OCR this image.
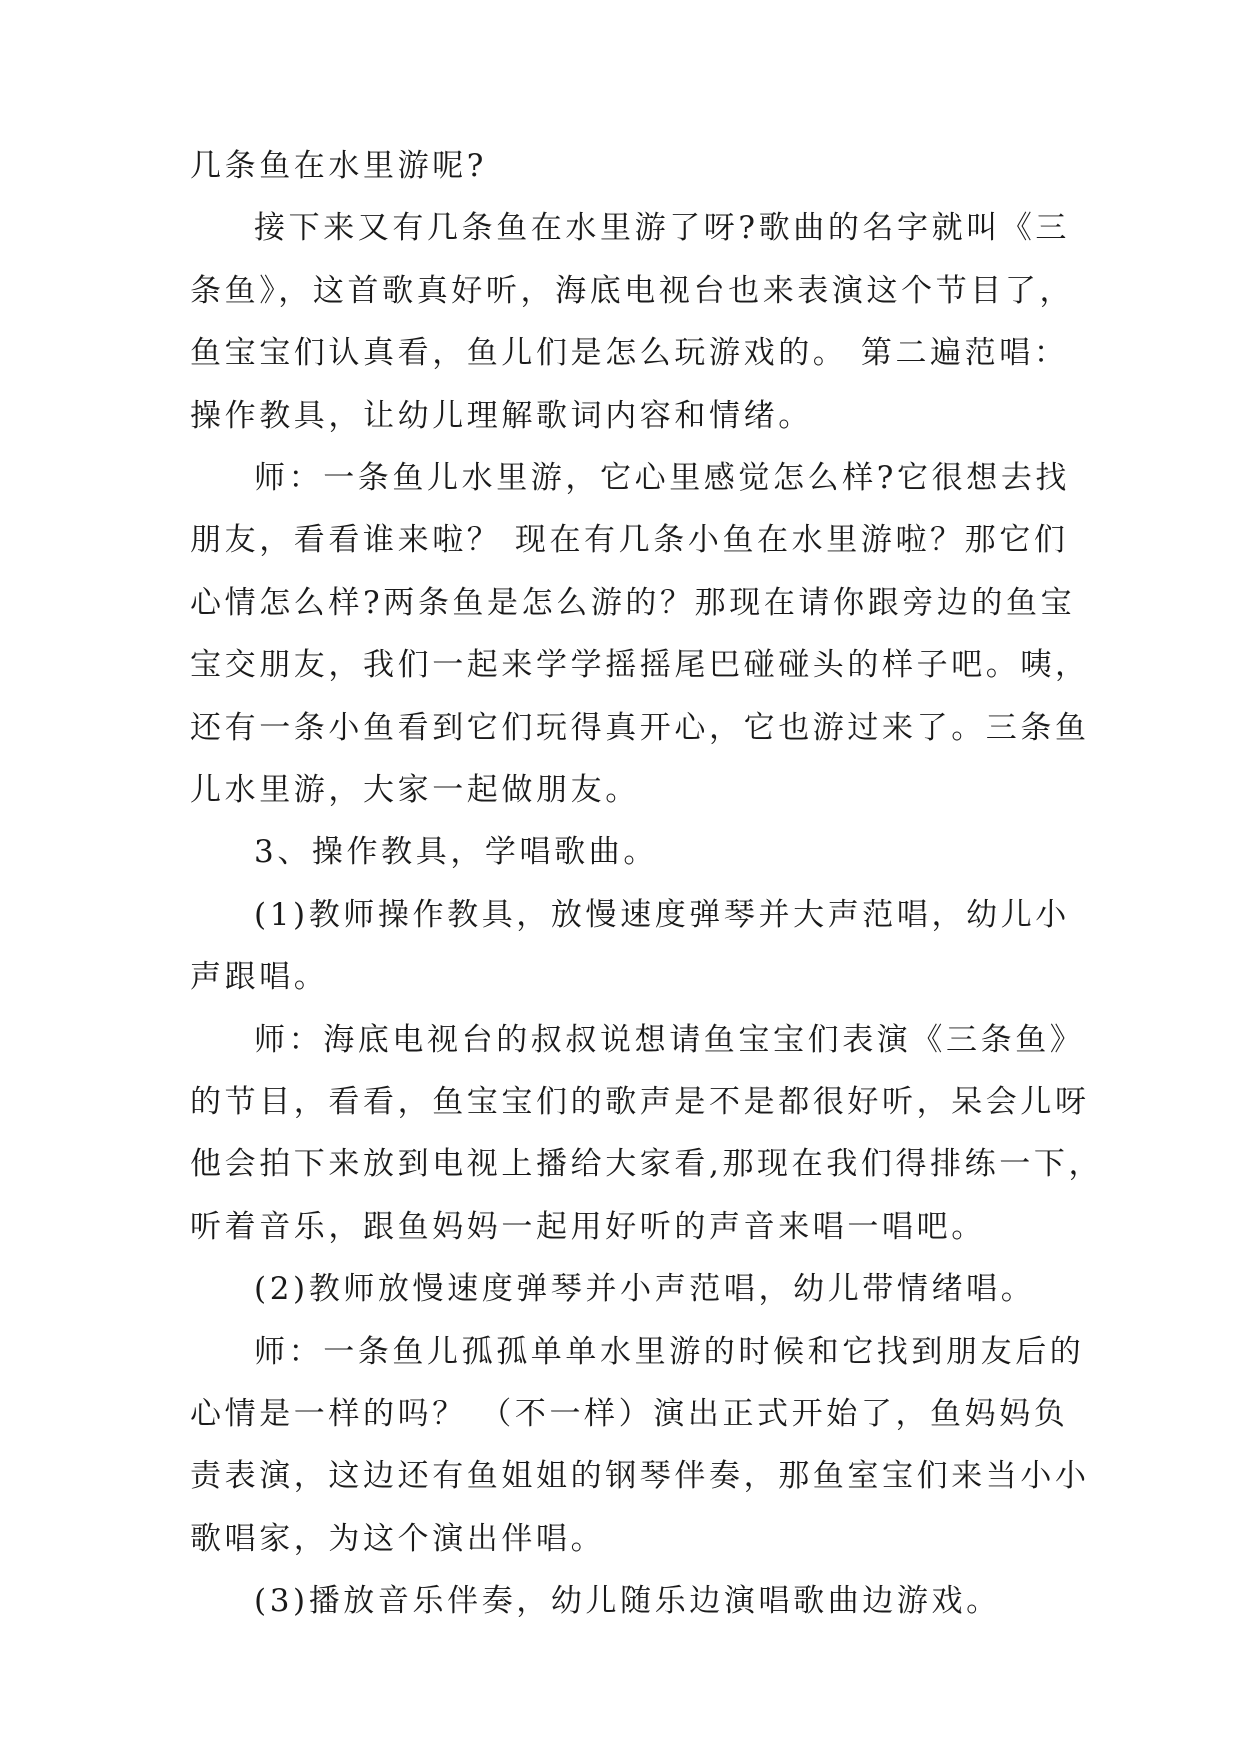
几条鱼在水里游呢?
接下来又有几条鱼在水里游了呀?歌曲的名字就叫《三
条鱼》，这首歌真好听，海底电视台也来表演这个节目了，
鱼宝宝们认真看，鱼儿们是怎么玩游戏的。 第二遍范唱：
操作教具，让幼儿理解歌词内容和情绪。
师：一条鱼儿水里游，它心里感觉怎么样?它很想去找
朋友，看看谁来啦？ 现在有几条小鱼在水里游啦？那它们
心情怎么样?两条鱼是怎么游的？那现在请你跟旁边的鱼宝
宝交朋友，我们一起来学学摇摇尾巴碰碰头的样子吧。咦，
还有一条小鱼看到它们玩得真开心，它也游过来了。三条鱼
儿水里游，大家一起做朋友。
3、操作教具，学唱歌曲。
(1)教师操作教具，放慢速度弹琴并大声范唱，幼儿小
声跟唱。
师：海底电视台的叔叔说想请鱼宝宝们表演《三条鱼》
的节目，看看，鱼宝宝们的歌声是不是都很好听，呆会儿呀
他会拍下来放到电视上播给大家看,那现在我们得排练一下，
听着音乐，跟鱼妈妈一起用好听的声音来唱一唱吧。
(2)教师放慢速度弹琴并小声范唱，幼儿带情绪唱。
师：一条鱼儿孤孤单单水里游的时候和它找到朋友后的
心情是一样的吗？ （不一样）演出正式开始了，鱼妈妈负
责表演，这边还有鱼姐姐的钢琴伴奏，那鱼室宝们来当小小
歌唱家，为这个演出伴唱。
(3)播放音乐伴奏，幼儿随乐边演唱歌曲边游戏。
